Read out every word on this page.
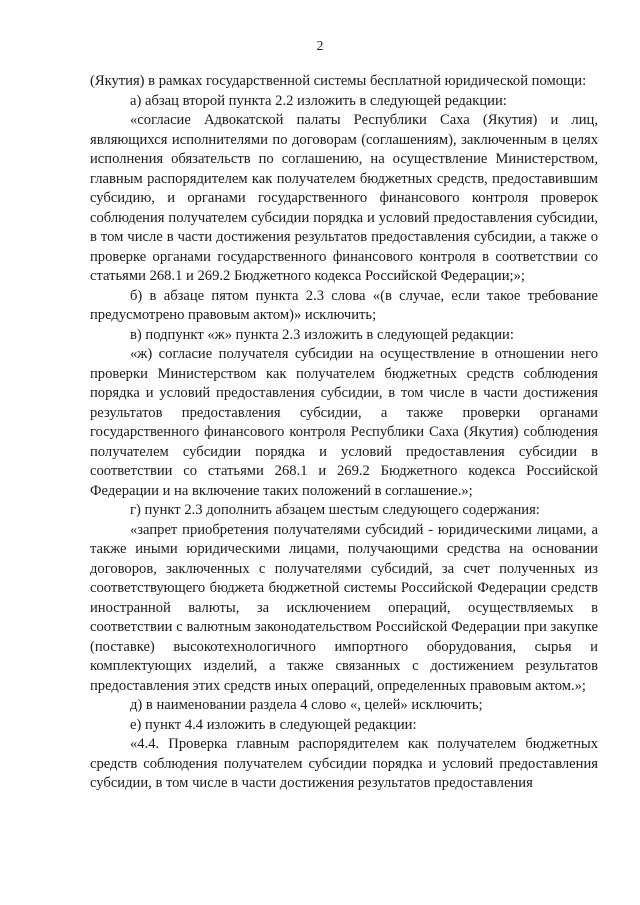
2

(Якутия) в рамках государственной системы бесплатной юридической помощи:

а) абзац второй пункта 2.2 изложить в следующей редакции:

«согласие Адвокатской палаты Республики Саха (Якутия) и лиц, являющихся исполнителями по договорам (соглашениям), заключенным в целях исполнения обязательств по соглашению, на осуществление Министерством, главным распорядителем как получателем бюджетных средств, предоставившим субсидию, и органами государственного финансового контроля проверок соблюдения получателем субсидии порядка и условий предоставления субсидии, в том числе в части достижения результатов предоставления субсидии, а также о проверке органами государственного финансового контроля в соответствии со статьями 268.1 и 269.2 Бюджетного кодекса Российской Федерации;»;

б) в абзаце пятом пункта 2.3 слова «(в случае, если такое требование предусмотрено правовым актом)» исключить;

в) подпункт «ж» пункта 2.3 изложить в следующей редакции:

«ж) согласие получателя субсидии на осуществление в отношении него проверки Министерством как получателем бюджетных средств соблюдения порядка и условий предоставления субсидии, в том числе в части достижения результатов предоставления субсидии, а также проверки органами государственного финансового контроля Республики Саха (Якутия) соблюдения получателем субсидии порядка и условий предоставления субсидии в соответствии со статьями 268.1 и 269.2 Бюджетного кодекса Российской Федерации и на включение таких положений в соглашение.»;

г) пункт 2.3 дополнить абзацем шестым следующего содержания:

«запрет приобретения получателями субсидий - юридическими лицами, а также иными юридическими лицами, получающими средства на основании договоров, заключенных с получателями субсидий, за счет полученных из соответствующего бюджета бюджетной системы Российской Федерации средств иностранной валюты, за исключением операций, осуществляемых в соответствии с валютным законодательством Российской Федерации при закупке (поставке) высокотехнологичного импортного оборудования, сырья и комплектующих изделий, а также связанных с достижением результатов предоставления этих средств иных операций, определенных правовым актом.»;

д) в наименовании раздела 4 слово «, целей» исключить;

е) пункт 4.4 изложить в следующей редакции:

«4.4. Проверка главным распорядителем как получателем бюджетных средств соблюдения получателем субсидии порядка и условий предоставления субсидии, в том числе в части достижения результатов предоставления
